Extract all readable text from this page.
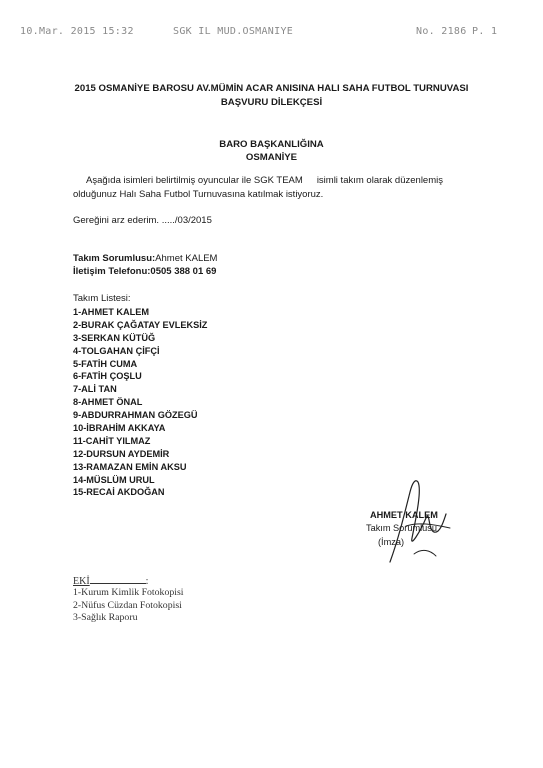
10.Mar. 2015 15:32	SGK IL MUD.OSMANIYE	No. 2186 P. 1
2015 OSMANİYE BAROSU AV.MÜMİN ACAR ANISINA HALI SAHA FUTBOL TURNUVASI
BAŞVURU DİLEKÇESİ
BARO BAŞKANLIĞINA
OSMANİYE
Aşağıda isimleri belirtilmiş oyuncular ile SGK TEAM isimli takım olarak düzenlemiş
olduğunuz Halı Saha Futbol Turnuvasına katılmak istiyoruz.
Gereğini arz ederim. ...../03/2015
Takım Sorumlusu:Ahmet KALEM
İletişim Telefonu:0505 388 01 69
Takım Listesi:
1-AHMET KALEM
2-BURAK ÇAĞATAY EVLEKSİZ
3-SERKAN KÜTÜĞ
4-TOLGAHAN ÇİFÇİ
5-FATİH CUMA
6-FATİH ÇOŞLU
7-ALİ TAN
8-AHMET ÖNAL
9-ABDURRAHMAN GÖZEGÜ
10-İBRAHİM AKKAYA
11-CAHİT YILMAZ
12-DURSUN AYDEMİR
13-RAMAZAN EMİN AKSU
14-MÜSLÜM URUL
15-RECAİ AKDOĞAN
AHMET KALEM
Takım Sorumlusu
(İmza)
EKİ	:
1-Kurum Kimlik Fotokopisi
2-Nüfus Cüzdan Fotokopisi
3-Sağlık Raporu
